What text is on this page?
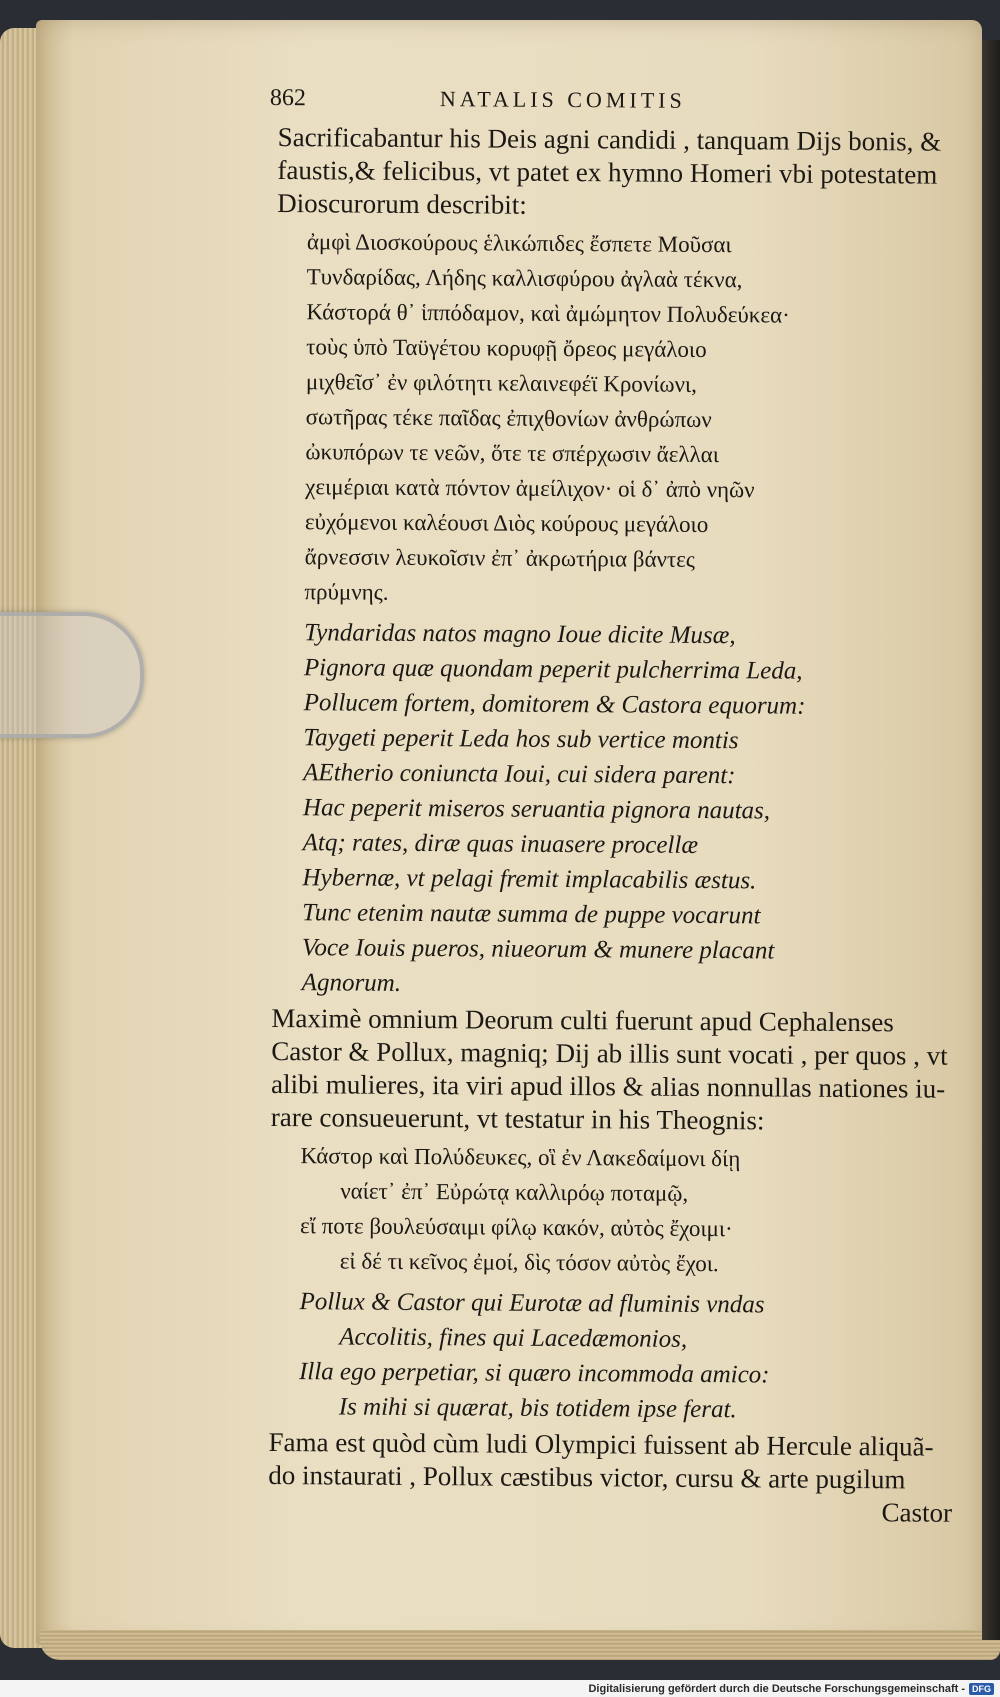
862	NATALIS COMITIS

Sacrificabantur his Deis agni candidi , tanquam Dijs bonis, &

faustis,& felicibus, vt patet ex hymno Homeri vbi potestatem

Dioscurorum describit:

ἀμφὶ Διοσκούρους ἑλικώπιδες ἔσπετε Μοῦσαι
Τυνδαρίδας, Λήδης καλλισφύρου ἀγλαὰ τέκνα,
Κάστορά θ᾽ ἱππόδαμον, καὶ ἀμώμητον Πολυδεύκεα·
τοὺς ὑπὸ Ταϋγέτου κορυφῇ ὄρεος μεγάλοιο
μιχθεῖσ᾽ ἐν φιλότητι κελαινεφέϊ Κρονίωνι,
σωτῆρας τέκε παῖδας ἐπιχθονίων ἀνθρώπων
ὠκυπόρων τε νεῶν, ὅτε τε σπέρχωσιν ἄελλαι
χειμέριαι κατὰ πόντον ἀμείλιχον· οἱ δ᾽ ἀπὸ νηῶν
εὐχόμενοι καλέουσι Διὸς κούρους μεγάλοιο
ἄρνεσσιν λευκοῖσιν ἐπ᾽ ἀκρωτήρια βάντες
πρύμνης.
Tyndaridas natos magno Ioue dicite Musæ,
Pignora quæ quondam peperit pulcherrima Leda,
Pollucem fortem, domitorem & Castora equorum:
Taygeti peperit Leda hos sub vertice montis
AEtherio coniuncta Ioui, cui sidera parent:
Hac peperit miseros seruantia pignora nautas,
Atq; rates, diræ quas inuasere procellæ
Hybernæ, vt pelagi fremit implacabilis æstus.
Tunc etenim nautæ summa de puppe vocarunt
Voce Iouis pueros, niueorum & munere placant
Agnorum.

Maximè omnium Deorum culti fuerunt apud Cephalenses

Castor & Pollux, magniq; Dij ab illis sunt vocati , per quos , vt

alibi mulieres, ita viri apud illos & alias nonnullas nationes iu-

rare consueuerunt, vt testatur in his Theognis:

Κάστορ καὶ Πολύδευκες, οἳ ἐν Λακεδαίμονι δίῃ
ναίετ᾽ ἐπ᾽ Εὐρώτᾳ καλλιρόῳ ποταμῷ,
εἴ ποτε βουλεύσαιμι φίλῳ κακόν, αὐτὸς ἔχοιμι·
εἰ δέ τι κεῖνος ἐμοί, δὶς τόσον αὐτὸς ἔχοι.
Pollux & Castor qui Eurotæ ad fluminis vndas
Accolitis, fines qui Lacedæmonios,
Illa ego perpetiar, si quæro incommoda amico:
Is mihi si quærat, bis totidem ipse ferat.

Fama est quòd cùm ludi Olympici fuissent ab Hercule aliquã-

do instaurati , Pollux cæstibus victor, cursu & arte pugilum

Castor
Digitalisierung gefördert durch die Deutsche Forschungsgemeinschaft - DFG
